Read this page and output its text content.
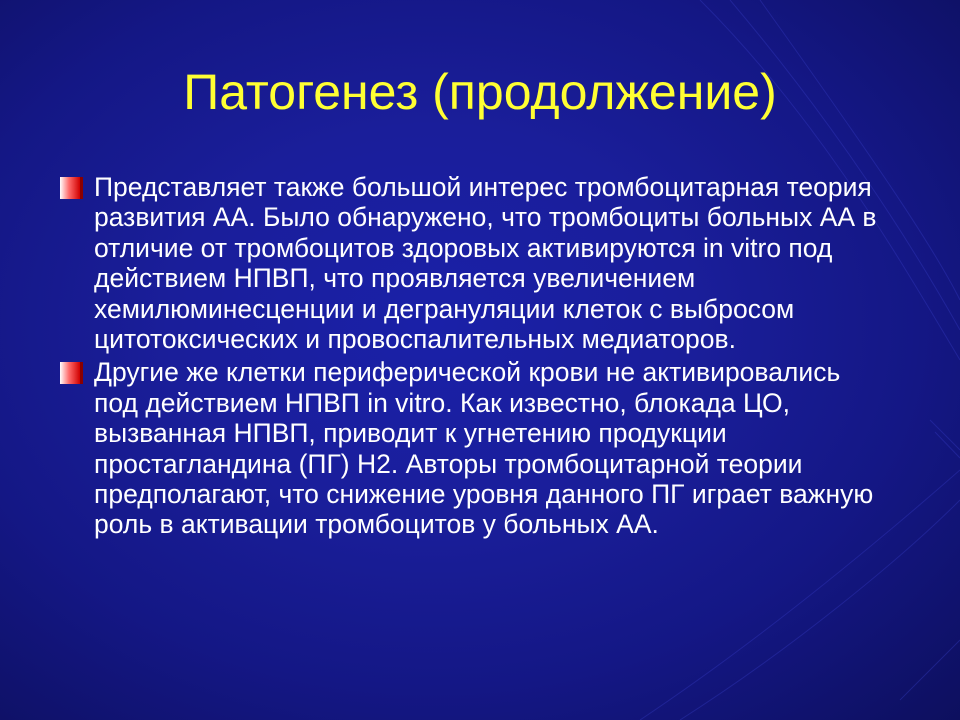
Патогенез (продолжение)
Представляет также большой интерес тромбоцитарная теория развития АА. Было обнаружено, что тромбоциты больных АА в отличие от тромбоцитов здоровых активируются in vitro под действием НПВП, что проявляется увеличением хемилюминесценции и дегрануляции клеток с выбросом цитотоксических и провоспалительных медиаторов.
Другие же клетки периферической крови не активировались под действием НПВП in vitro. Как известно, блокада ЦО, вызванная НПВП, приводит к угнетению продукции простагландина (ПГ) Н2. Авторы тромбоцитарной теории предполагают, что снижение уровня данного ПГ играет важную роль в активации тромбоцитов у больных АА.
